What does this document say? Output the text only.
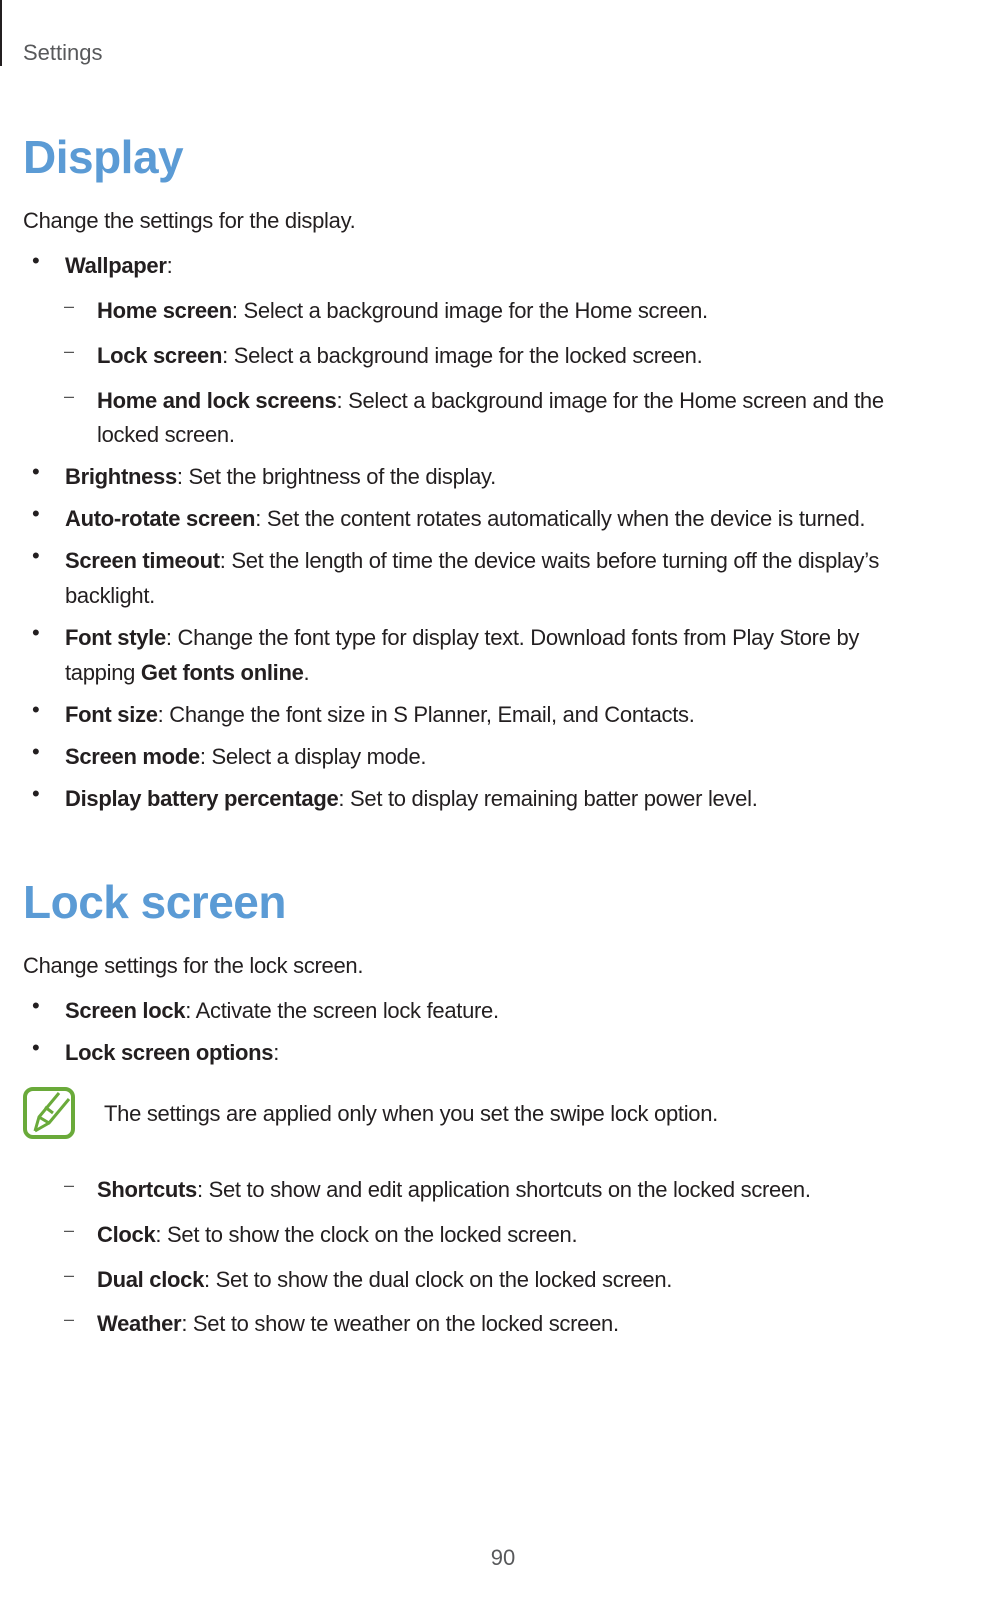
Settings
Display
Change the settings for the display.
• Wallpaper:
– Home screen: Select a background image for the Home screen.
– Lock screen: Select a background image for the locked screen.
– Home and lock screens: Select a background image for the Home screen and the
locked screen.
• Brightness: Set the brightness of the display.
• Auto-rotate screen: Set the content rotates automatically when the device is turned.
• Screen timeout: Set the length of time the device waits before turning off the display’s
backlight.
• Font style: Change the font type for display text. Download fonts from Play Store by
tapping Get fonts online.
• Font size: Change the font size in S Planner, Email, and Contacts.
• Screen mode: Select a display mode.
• Display battery percentage: Set to display remaining batter power level.
Lock screen
Change settings for the lock screen.
• Screen lock: Activate the screen lock feature.
• Lock screen options:
The settings are applied only when you set the swipe lock option.
– Shortcuts: Set to show and edit application shortcuts on the locked screen.
– Clock: Set to show the clock on the locked screen.
– Dual clock: Set to show the dual clock on the locked screen.
– Weather: Set to show te weather on the locked screen.
90
